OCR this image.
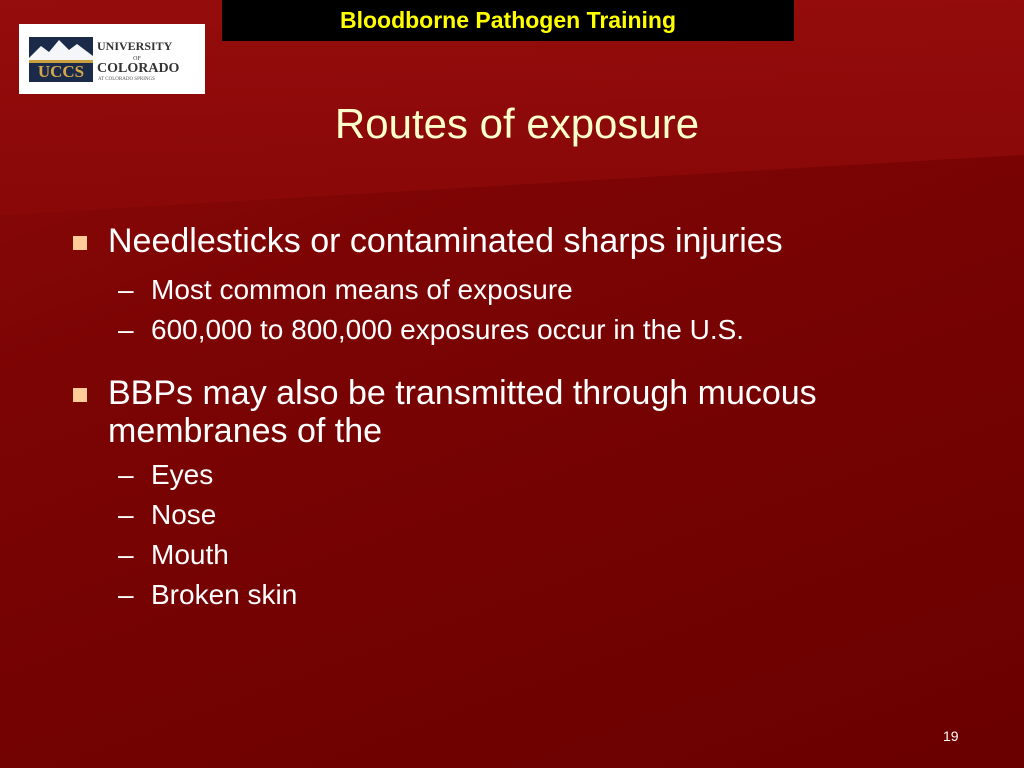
Bloodborne Pathogen Training
UCCS
UNIVERSITY
OF
COLORADO
AT COLORADO SPRINGS
Routes of exposure
Needlesticks or contaminated sharps injuries
– Most common means of exposure
– 600,000 to 800,000 exposures occur in the U.S.
BBPs may also be transmitted through mucous
membranes of the
– Eyes
– Nose
– Mouth
– Broken skin
19
